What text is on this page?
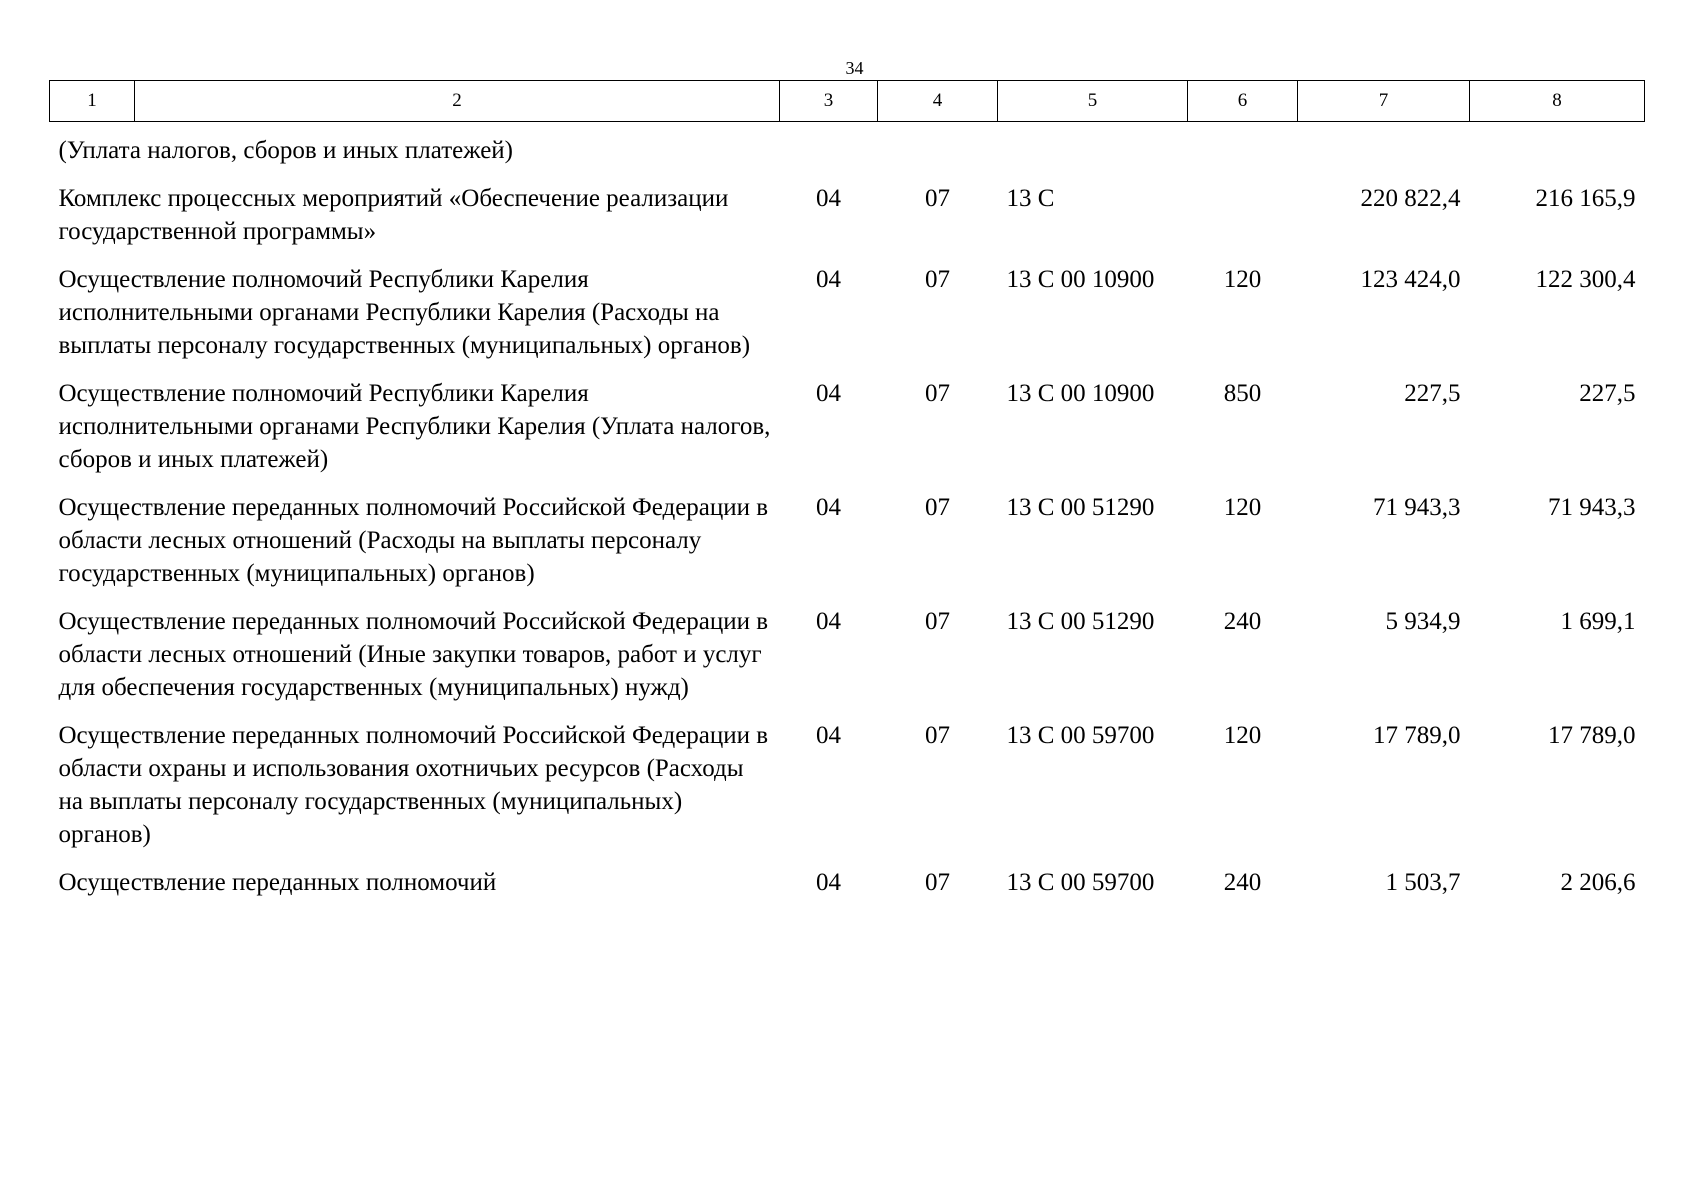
34
1	2	3	4	5	6	7	8
(Уплата налогов, сборов и иных платежей)							
Комплекс процессных мероприятий «Обеспечение реализации государственной программы»		04	07	13 С		220 822,4	216 165,9
Осуществление полномочий Республики Карелия исполнительными органами Республики Карелия (Расходы на выплаты персоналу государственных (муниципальных) органов)		04	07	13 С 00 10900	120	123 424,0	122 300,4
Осуществление полномочий Республики Карелия исполнительными органами Республики Карелия (Уплата налогов, сборов и иных платежей)		04	07	13 С 00 10900	850	227,5	227,5
Осуществление переданных полномочий Российской Федерации в области лесных отношений (Расходы на выплаты персоналу государственных (муниципальных) органов)		04	07	13 С 00 51290	120	71 943,3	71 943,3
Осуществление переданных полномочий Российской Федерации в области лесных отношений (Иные закупки товаров, работ и услуг для обеспечения государственных (муниципальных) нужд)		04	07	13 С 00 51290	240	5 934,9	1 699,1
Осуществление переданных полномочий Российской Федерации в области охраны и использования охотничьих ресурсов (Расходы на выплаты персоналу государственных (муниципальных) органов)		04	07	13 С 00 59700	120	17 789,0	17 789,0
Осуществление переданных полномочий		04	07	13 С 00 59700	240	1 503,7	2 206,6
